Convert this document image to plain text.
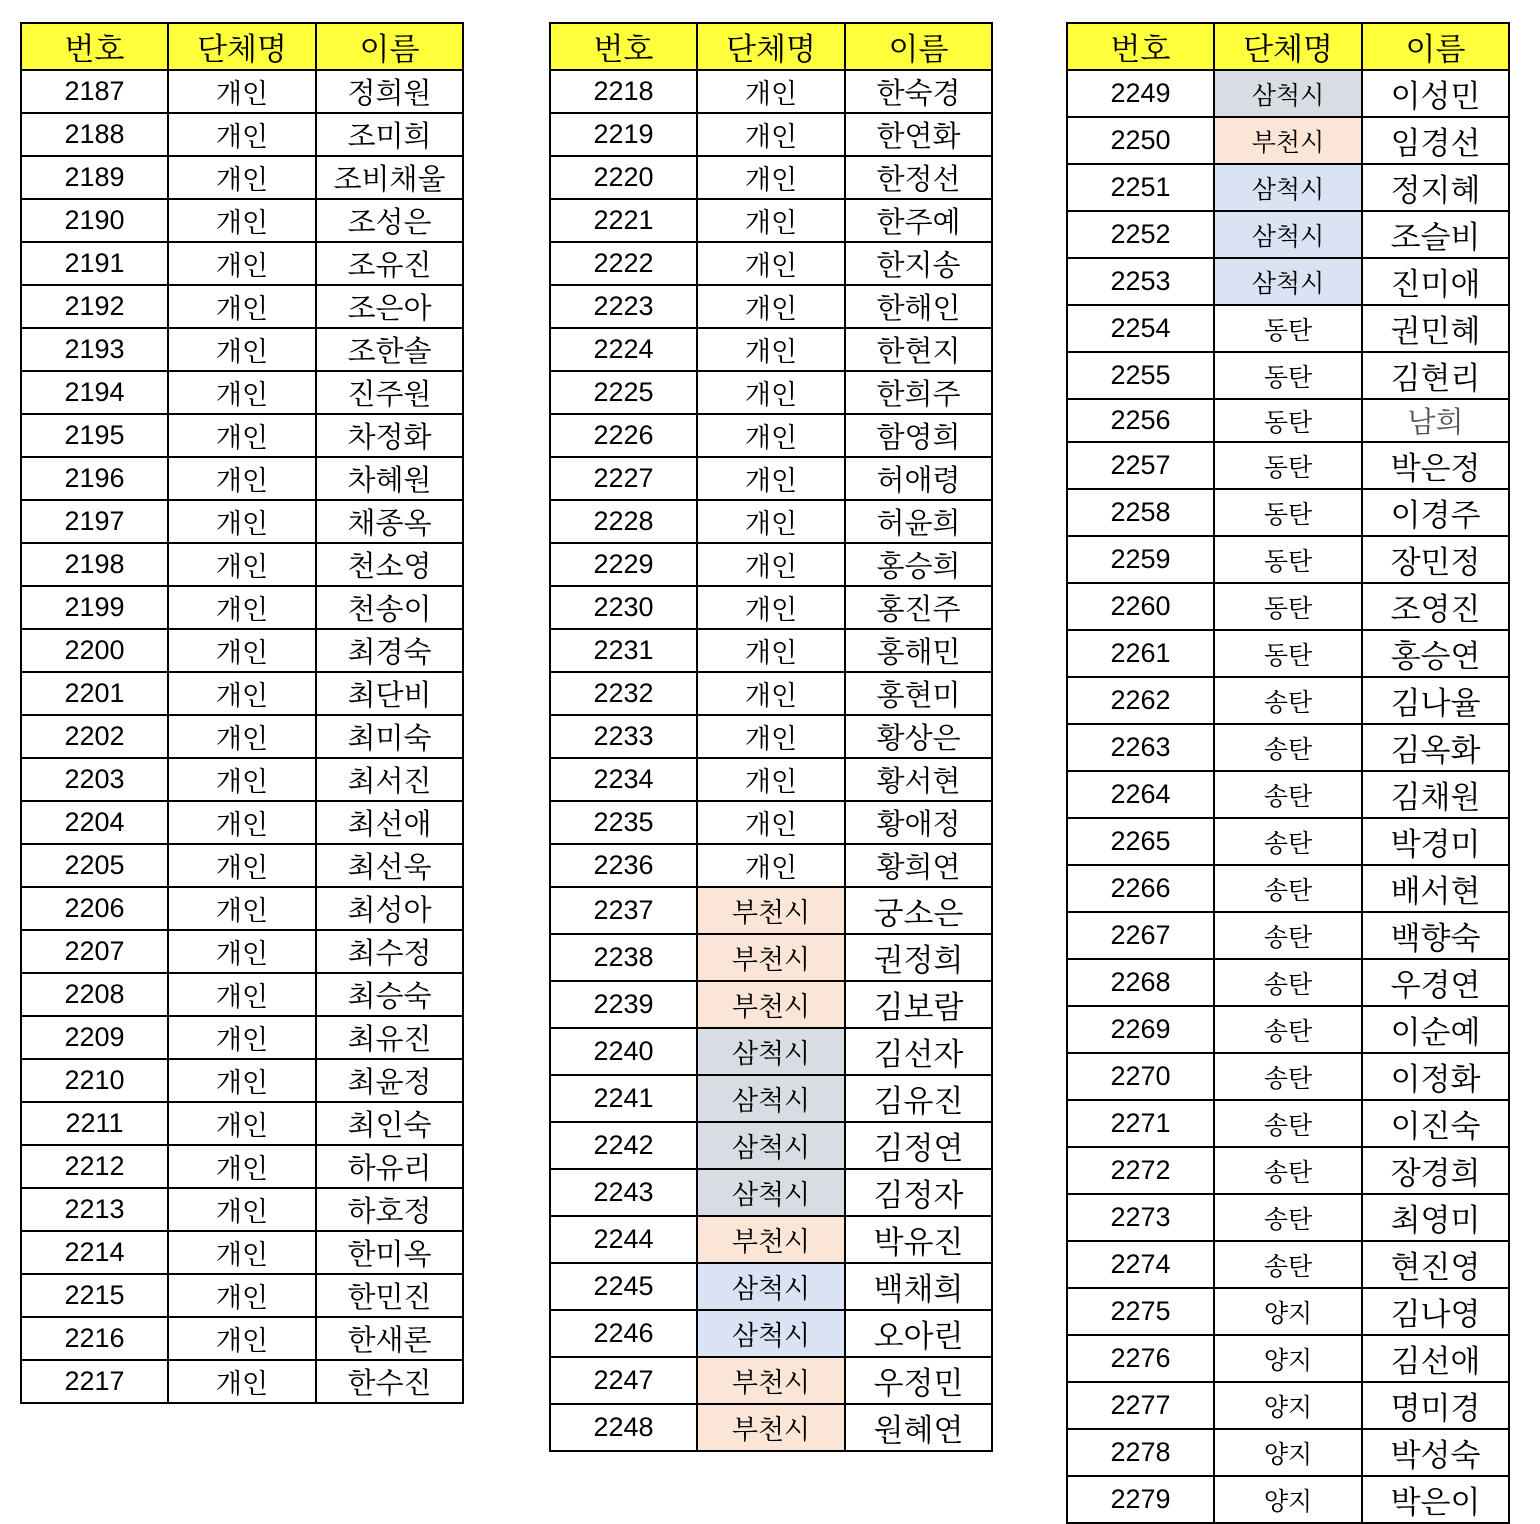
번호	단체명	이름
2187	개인	정희원
2188	개인	조미희
2189	개인	조비채울
2190	개인	조성은
2191	개인	조유진
2192	개인	조은아
2193	개인	조한솔
2194	개인	진주원
2195	개인	차정화
2196	개인	차혜원
2197	개인	채종옥
2198	개인	천소영
2199	개인	천송이
2200	개인	최경숙
2201	개인	최단비
2202	개인	최미숙
2203	개인	최서진
2204	개인	최선애
2205	개인	최선욱
2206	개인	최성아
2207	개인	최수정
2208	개인	최승숙
2209	개인	최유진
2210	개인	최윤정
2211	개인	최인숙
2212	개인	하유리
2213	개인	하호정
2214	개인	한미옥
2215	개인	한민진
2216	개인	한새론
2217	개인	한수진
번호	단체명	이름
2218	개인	한숙경
2219	개인	한연화
2220	개인	한정선
2221	개인	한주예
2222	개인	한지송
2223	개인	한해인
2224	개인	한현지
2225	개인	한희주
2226	개인	함영희
2227	개인	허애령
2228	개인	허윤희
2229	개인	홍승희
2230	개인	홍진주
2231	개인	홍해민
2232	개인	홍현미
2233	개인	황상은
2234	개인	황서현
2235	개인	황애정
2236	개인	황희연
2237	부천시	궁소은
2238	부천시	권정희
2239	부천시	김보람
2240	삼척시	김선자
2241	삼척시	김유진
2242	삼척시	김정연
2243	삼척시	김정자
2244	부천시	박유진
2245	삼척시	백채희
2246	삼척시	오아린
2247	부천시	우정민
2248	부천시	원혜연
번호	단체명	이름
2249	삼척시	이성민
2250	부천시	임경선
2251	삼척시	정지혜
2252	삼척시	조슬비
2253	삼척시	진미애
2254	동탄	권민혜
2255	동탄	김현리
2256	동탄	남희
2257	동탄	박은정
2258	동탄	이경주
2259	동탄	장민정
2260	동탄	조영진
2261	동탄	홍승연
2262	송탄	김나율
2263	송탄	김옥화
2264	송탄	김채원
2265	송탄	박경미
2266	송탄	배서현
2267	송탄	백향숙
2268	송탄	우경연
2269	송탄	이순예
2270	송탄	이정화
2271	송탄	이진숙
2272	송탄	장경희
2273	송탄	최영미
2274	송탄	현진영
2275	양지	김나영
2276	양지	김선애
2277	양지	명미경
2278	양지	박성숙
2279	양지	박은이
